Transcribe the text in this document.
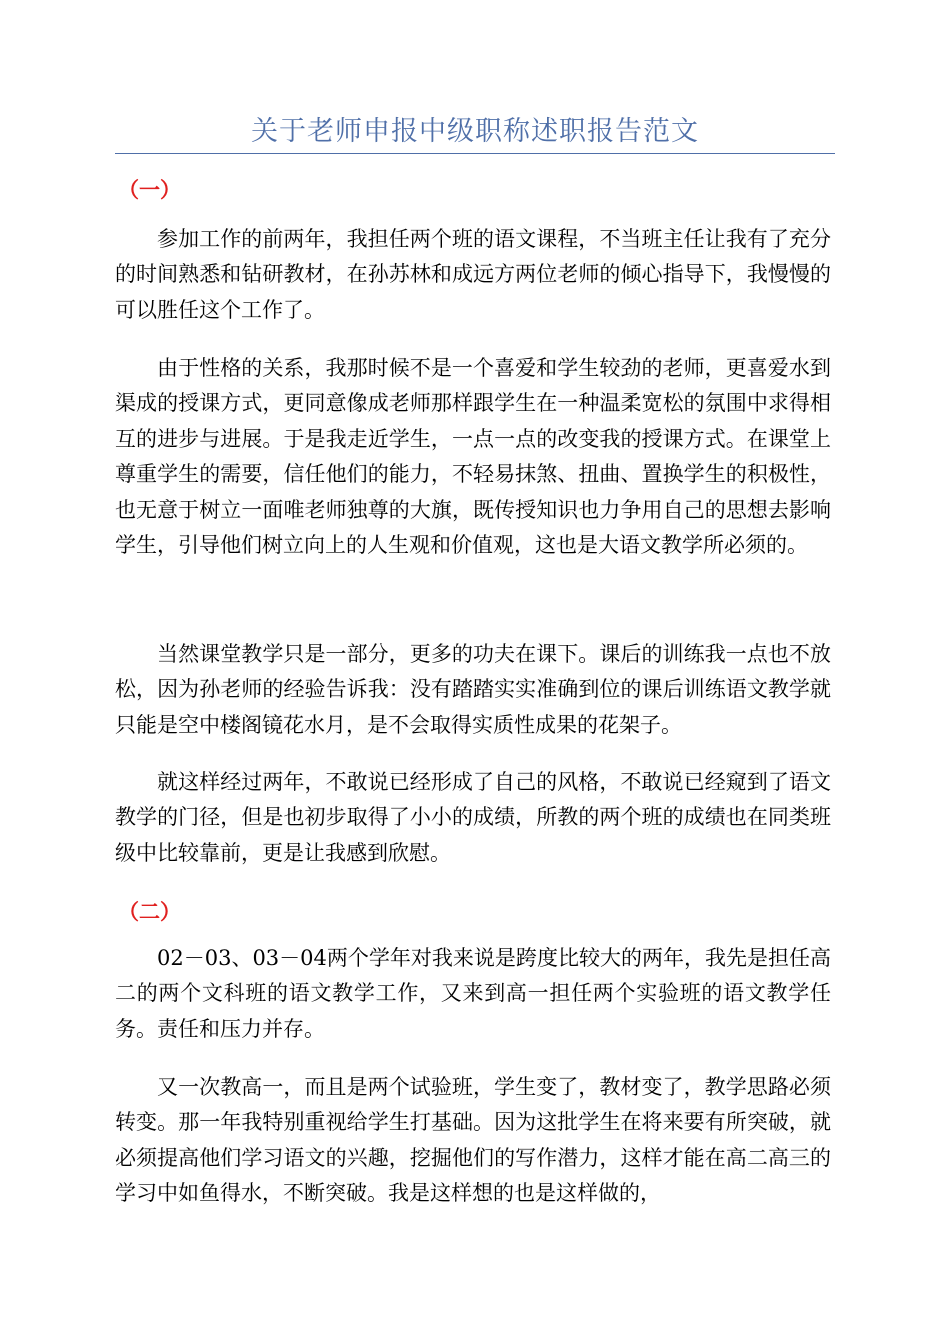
关于老师申报中级职称述职报告范文
（一）

参加工作的前两年，我担任两个班的语文课程，不当班主任让我有了充分的时间熟悉和钻研教材，在孙苏林和成远方两位老师的倾心指导下，我慢慢的可以胜任这个工作了。

由于性格的关系，我那时候不是一个喜爱和学生较劲的老师，更喜爱水到渠成的授课方式，更同意像成老师那样跟学生在一种温柔宽松的氛围中求得相互的进步与进展。于是我走近学生，一点一点的改变我的授课方式。在课堂上尊重学生的需要，信任他们的能力，不轻易抹煞、扭曲、置换学生的积极性，也无意于树立一面唯老师独尊的大旗，既传授知识也力争用自己的思想去影响学生，引导他们树立向上的人生观和价值观，这也是大语文教学所必须的。

当然课堂教学只是一部分，更多的功夫在课下。课后的训练我一点也不放松，因为孙老师的经验告诉我：没有踏踏实实准确到位的课后训练语文教学就只能是空中楼阁镜花水月，是不会取得实质性成果的花架子。

就这样经过两年，不敢说已经形成了自己的风格，不敢说已经窥到了语文教学的门径，但是也初步取得了小小的成绩，所教的两个班的成绩也在同类班级中比较靠前，更是让我感到欣慰。

（二）

02－03、03－04两个学年对我来说是跨度比较大的两年，我先是担任高二的两个文科班的语文教学工作，又来到高一担任两个实验班的语文教学任务。责任和压力并存。

又一次教高一，而且是两个试验班，学生变了，教材变了，教学思路必须转变。那一年我特别重视给学生打基础。因为这批学生在将来要有所突破，就必须提高他们学习语文的兴趣，挖掘他们的写作潜力，这样才能在高二高三的学习中如鱼得水，不断突破。我是这样想的也是这样做的，
